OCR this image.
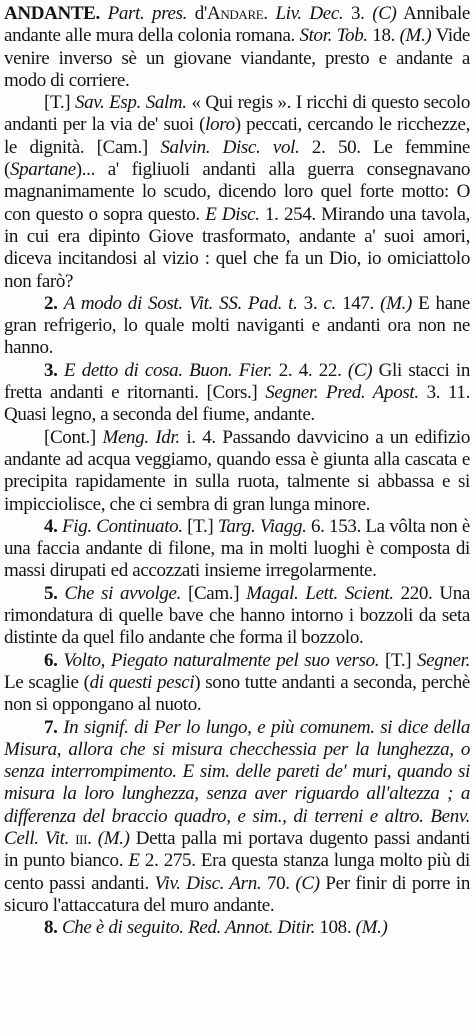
ANDANTE. Part. pres. d'Andare. Liv. Dec. 3. (C) Annibale andante alle mura della colonia romana. Stor. Tob. 18. (M.) Vide venire inverso sè un giovane viandante, presto e andante a modo di corriere.

[T.] Sav. Esp. Salm. « Qui regis ». I ricchi di questo secolo andanti per la via de' suoi (loro) peccati, cercando le ricchezze, le dignità. [Cam.] Salvin. Disc. vol. 2. 50. Le femmine (Spartane)... a' figliuoli andanti alla guerra consegnavano magnanimamente lo scudo, dicendo loro quel forte motto: O con questo o sopra questo. E Disc. 1. 254. Mirando una tavola, in cui era dipinto Giove trasformato, andante a' suoi amori, diceva incitandosi al vizio : quel che fa un Dio, io omiciattolo non farò?

2. A modo di Sost. Vit. SS. Pad. t. 3. c. 147. (M.) E hane gran refrigerio, lo quale molti naviganti e andanti ora non ne hanno.

3. E detto di cosa. Buon. Fier. 2. 4. 22. (C) Gli stacci in fretta andanti e ritornanti. [Cors.] Segner. Pred. Apost. 3. 11. Quasi legno, a seconda del fiume, andante.

[Cont.] Meng. Idr. i. 4. Passando davvicino a un edifizio andante ad acqua veggiamo, quando essa è giunta alla cascata e precipita rapidamente in sulla ruota, talmente si abbassa e si impicciolisce, che ci sembra di gran lunga minore.

4. Fig. Continuato. [T.] Targ. Viagg. 6. 153. La vôlta non è una faccia andante di filone, ma in molti luoghi è composta di massi dirupati ed accozzati insieme irregolarmente.

5. Che si avvolge. [Cam.] Magal. Lett. Scient. 220. Una rimondatura di quelle bave che hanno intorno i bozzoli da seta distinte da quel filo andante che forma il bozzolo.

6. Volto, Piegato naturalmente pel suo verso. [T.] Segner. Le scaglie (di questi pesci) sono tutte andanti a seconda, perchè non si oppongano al nuoto.

7. In signif. di Per lo lungo, e più comunem. si dice della Misura, allora che si misura checchessia per la lunghezza, o senza interrompimento. E sim. delle pareti de' muri, quando si misura la loro lunghezza, senza aver riguardo all'altezza ; a differenza del braccio quadro, e sim., di terreni e altro. Benv. Cell. Vit. iii. (M.) Detta palla mi portava dugento passi andanti in punto bianco. E 2. 275. Era questa stanza lunga molto più di cento passi andanti. Viv. Disc. Arn. 70. (C) Per finir di porre in sicuro l'attaccatura del muro andante.

8. Che è di seguito. Red. Annot. Ditir. 108. (M.)
